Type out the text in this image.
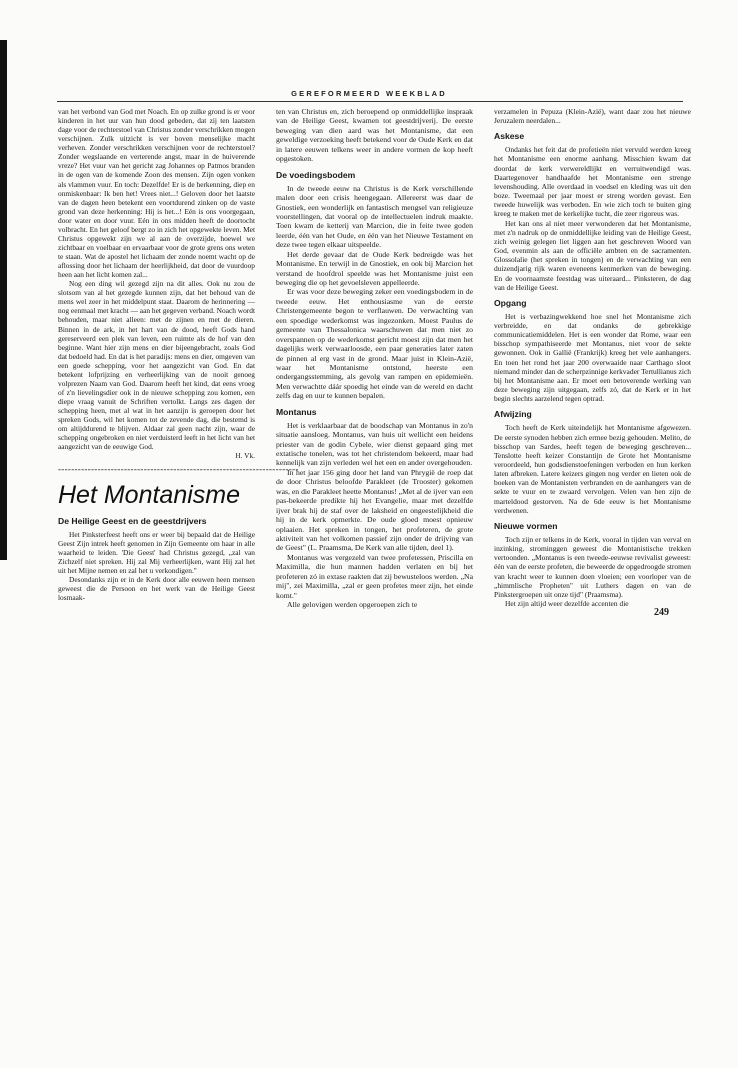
GEREFORMEERD WEEKBLAD

van het verbond van God met Noach. En op zulke grond is er voor kinderen in het uur van hun dood gebeden, dat zij ten laatsten dage voor de rechterstoel van Christus zonder verschrikken mogen verschijnen. Zulk uitzicht is ver boven menselijke macht verheven. Zonder verschrikken verschijnen voor de rechterstoel? Zonder wegslaande en verterende angst, maar in de huiverende vreze? Het vuur van het gericht zag Johannes op Patmos branden in de ogen van de komende Zoon des mensen. Zijn ogen vonken als vlammen vuur. En toch: Dezelfde! Er is de herkenning, diep en onmiskenbaar: Ik ben het! Vrees niet...! Geloven door het laatste van de dagen heen betekent een voortdurend zinken op de vaste grond van deze herkenning: Hij is het...! Eén is ons voorgegaan, door water en door vuur. Eén in ons midden heeft de doortocht volbracht. En het geloof bergt zo in zich het opgewekte leven. Met Christus opgewekt zijn we al aan de overzijde, hoewel we zichtbaar en voelbaar en ervaarbaar voor de grote grens ons weten te staan. Wat de apostel het lichaam der zonde noemt wacht op de aflossing door het lichaam der heerlijkheid, dat door de vuurdoop heen aan het licht komen zal...

Nog een ding wil gezegd zijn na dit alles. Ook nu zou de slotsom van al het gezegde kunnen zijn, dat het behoud van de mens wel zeer in het middelpunt staat. Daarom de herinnering — nog eenmaal met kracht — aan het gegeven verband. Noach wordt behouden, maar niet alleen: met de zijnen en met de dieren. Binnen in de ark, in het hart van de dood, heeft Gods hand gereserveerd een plek van leven, een ruimte als de hof van den beginne. Want hier zijn mens en dier bijeengebracht, zoals God dat bedoeld had. En dat is het paradijs: mens en dier, omgeven van een goede schepping, voor het aangezicht van God. En dat betekent lofprijzing en verheerlijking van de nooit genoeg volprezen Naam van God. Daarom heeft het kind, dat eens vroeg of z'n lievelingsdier ook in de nieuwe schepping zou komen, een diepe vraag vanuit de Schriften vertolkt. Langs zes dagen der schepping heen, met al wat in het aanzijn is geroepen door het spreken Gods, wil het komen tot de zevende dag, die bestemd is om altijddurend te blijven. Aldaar zal geen nacht zijn, waar de schepping ongebroken en niet verduisterd leeft in het licht van het aangezicht van de eeuwige God.

H. Vk.

-------------------------------------------------------------------------
Het Montanisme
De Heilige Geest en de geestdrijvers

Het Pinksterfeest heeft ons er weer bij bepaald dat de Heilige Geest Zijn intrek heeft genomen in Zijn Gemeente om haar in alle waarheid te leiden. 'Die Geest' had Christus gezegd, „zal van Zichzelf niet spreken. Hij zal Mij verheerlijken, want Hij zal het uit het Mijne nemen en zal het u verkondigen."

Desondanks zijn er in de Kerk door alle eeuwen heen mensen geweest die de Persoon en het werk van de Heilige Geest losmaak-

ten van Christus en, zich beroepend op onmiddellijke inspraak van de Heilige Geest, kwamen tot geestdrijverij. De eerste beweging van dien aard was het Montanisme, dat een geweldige verzoeking heeft betekend voor de Oude Kerk en dat in latere eeuwen telkens weer in andere vormen de kop heeft opgestoken.

De voedingsbodem

In de tweede eeuw na Christus is de Kerk verschillende malen door een crisis heengegaan. Allereerst was daar de Gnostiek, een wonderlijk en fantastisch mengsel van religieuze voorstellingen, dat vooral op de intellectuelen indruk maakte. Toen kwam de ketterij van Marcion, die in feite twee goden leerde, één van het Oude, en één van het Nieuwe Testament en deze twee tegen elkaar uitspeelde.

Het derde gevaar dat de Oude Kerk bedreigde was het Montanisme. En terwijl in de Gnostiek, en ook bij Marcion het verstand de hoofdrol speelde was het Montanisme juist een beweging die op het gevoelsleven appelleerde.

Er was voor deze beweging zeker een voedingsbodem in de tweede eeuw. Het enthousiasme van de eerste Christengemeente begon te verflauwen. De verwachting van een spoedige wederkomst was ingezonken. Moest Paulus de gemeente van Thessalonica waarschuwen dat men niet zo overspannen op de wederkomst gericht moest zijn dat men het dagelijks werk verwaarloosde, een paar generaties later zaten de pinnen al erg vast in de grond. Maar juist in Klein-Azië, waar het Montanisme ontstond, heerste een ondergangsstemming, als gevolg van rampen en epidemieën. Men verwachtte dáár spoedig het einde van de wereld en dacht zelfs dag en uur te kunnen bepalen.

Montanus

Het is verklaarbaar dat de boodschap van Montanus in zo'n situatie aansloeg. Montanus, van huis uit wellicht een heidens priester van de godin Cybele, wier dienst gepaard ging met extatische tonelen, was tot het christendom bekeerd, maar had kennelijk van zijn verleden wel het een en ander overgehouden.

In het jaar 156 ging door het land van Phrygië de roep dat de door Christus beloofde Parakleet (de Trooster) gekomen was, en die Parakleet heette Montanus! „Met al de ijver van een pas-bekeerde predikte hij het Evangelie, maar met dezelfde ijver brak hij de staf over de laksheid en ongeestelijkheid die hij in de kerk opmerkte. De oude gloed moest opnieuw oplaaien. Het spreken in tongen, het profeteren, de grote aktiviteit van het volkomen passief zijn onder de drijving van de Geest" (L. Praamsma, De Kerk van alle tijden, deel 1).

Montanus was vergezeld van twee profetessen, Priscilla en Maximilla, die hun mannen hadden verlaten en bij het profeteren zó in extase raakten dat zij bewusteloos werden. „Na mij", zei Maximilla, „zal er geen profetes meer zijn, het einde komt."

Alle gelovigen werden opgeroepen zich te

verzamelen in Pepuza (Klein-Azië), want daar zou het nieuwe Jeruzalem neerdalen...

Askese

Ondanks het feit dat de profetieën niet vervuld werden kreeg het Montanisme een enorme aanhang. Misschien kwam dat doordat de kerk verwereldlijkt en verruitwendigd was. Daartegenover handhaafde het Montanisme een strenge levenshouding. Alle overdaad in voedsel en kleding was uit den boze. Tweemaal per jaar moest er streng worden gevast. Een tweede huwelijk was verboden. En wie zich toch te buiten ging kreeg te maken met de kerkelijke tucht, die zeer rigoreus was.

Het kan ons al niet meer verwonderen dat het Montanisme, met z'n nadruk op de onmiddellijke leiding van de Heilige Geest, zich weinig gelegen liet liggen aan het geschreven Woord van God, evenmin als aan de officiële ambten en de sacramenten. Glossolalie (het spreken in tongen) en de verwachting van een duizendjarig rijk waren eveneens kenmerken van de beweging. En de voornaamste feestdag was uiteraard... Pinksteren, de dag van de Heilige Geest.

Opgang

Het is verbazingwekkend hoe snel het Montanisme zich verbreidde, en dat ondanks de gebrekkige communicatiemiddelen. Het is een wonder dat Rome, waar een bisschop sympathiseerde met Montanus, niet voor de sekte gewonnen. Ook in Gallië (Frankrijk) kreeg het vele aanhangers. En toen het rond het jaar 200 overwaaide naar Carthago sloot niemand minder dan de scherpzinnige kerkvader Tertullianus zich bij het Montanisme aan. Er moet een betoverende werking van deze beweging zijn uitgegaan, zelfs zó, dat de Kerk er in het begin slechts aarzelend tegen optrad.

Afwijzing

Toch heeft de Kerk uiteindelijk het Montanisme afgewezen. De eerste synoden hebben zich ermee bezig gehouden. Melito, de bisschop van Sardes, heeft tegen de beweging geschreven... Tenslotte heeft keizer Constantijn de Grote het Montanisme veroordeeld, hun godsdienstoefeningen verboden en hun kerken laten afbreken. Latere keizers gingen nog verder en lieten ook de boeken van de Montanisten verbranden en de aanhangers van de sekte te vuur en te zwaard vervolgen. Velen van hen zijn de marteldood gestorven. Na de 6de eeuw is het Montanisme verdwenen.

Nieuwe vormen

Toch zijn er telkens in de Kerk, vooral in tijden van verval en inzinking, strominggen geweest die Montanistische trekken vertoonden. „Montanus is een tweede-eeuwse revivalist geweest: één van de eerste profeten, die beweerde de opgedroogde stromen van kracht weer te kunnen doen vloeien; een voorloper van de „himmlische Propheten" uit Luthers dagen en van de Pinkstergroepen uit onze tijd" (Praamsma).

Het zijn altijd weer dezelfde accenten die

249
